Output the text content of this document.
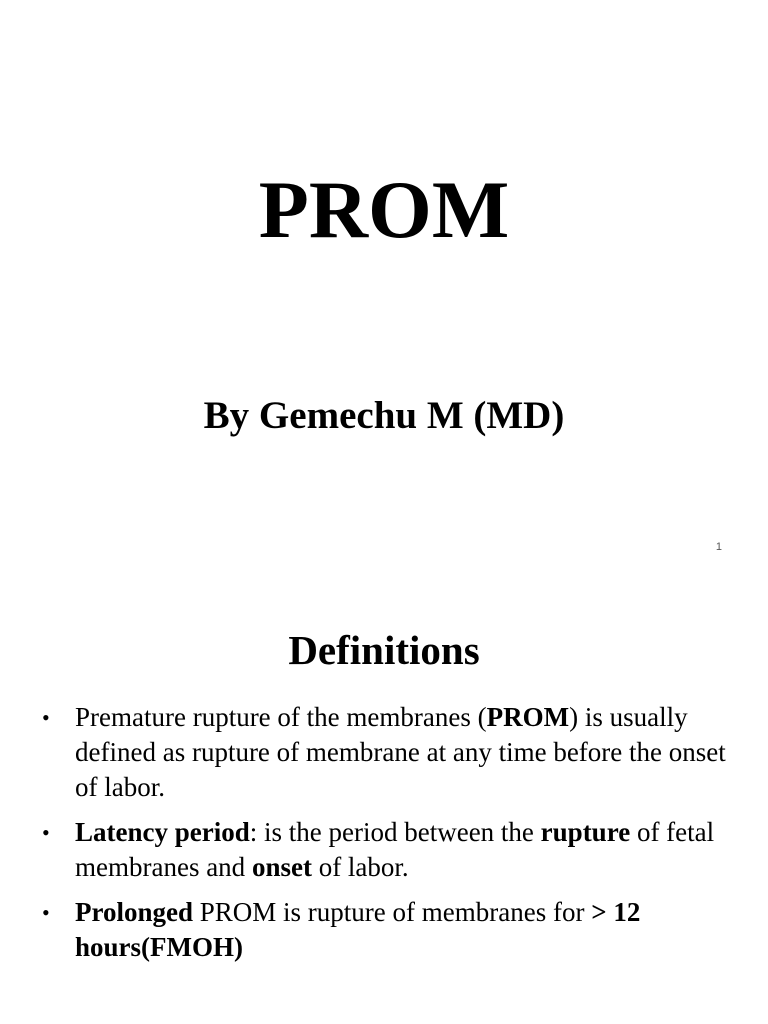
PROM
By Gemechu M (MD)
1
Definitions
• Premature rupture of the membranes (PROM) is usually defined as rupture of membrane at any time before the onset of labor.
• Latency period: is the period between the rupture of fetal membranes and onset of labor.
• Prolonged PROM is rupture of membranes for > 12 hours(FMOH)
